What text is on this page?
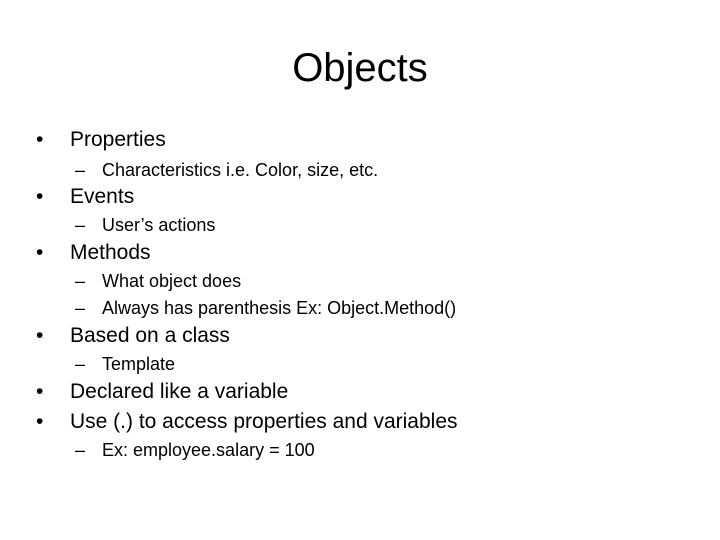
Objects
• Properties
– Characteristics i.e. Color, size, etc.
• Events
– User’s actions
• Methods
– What object does
– Always has parenthesis Ex: Object.Method()
• Based on a class
– Template
• Declared like a variable
• Use (.) to access properties and variables
– Ex: employee.salary = 100
